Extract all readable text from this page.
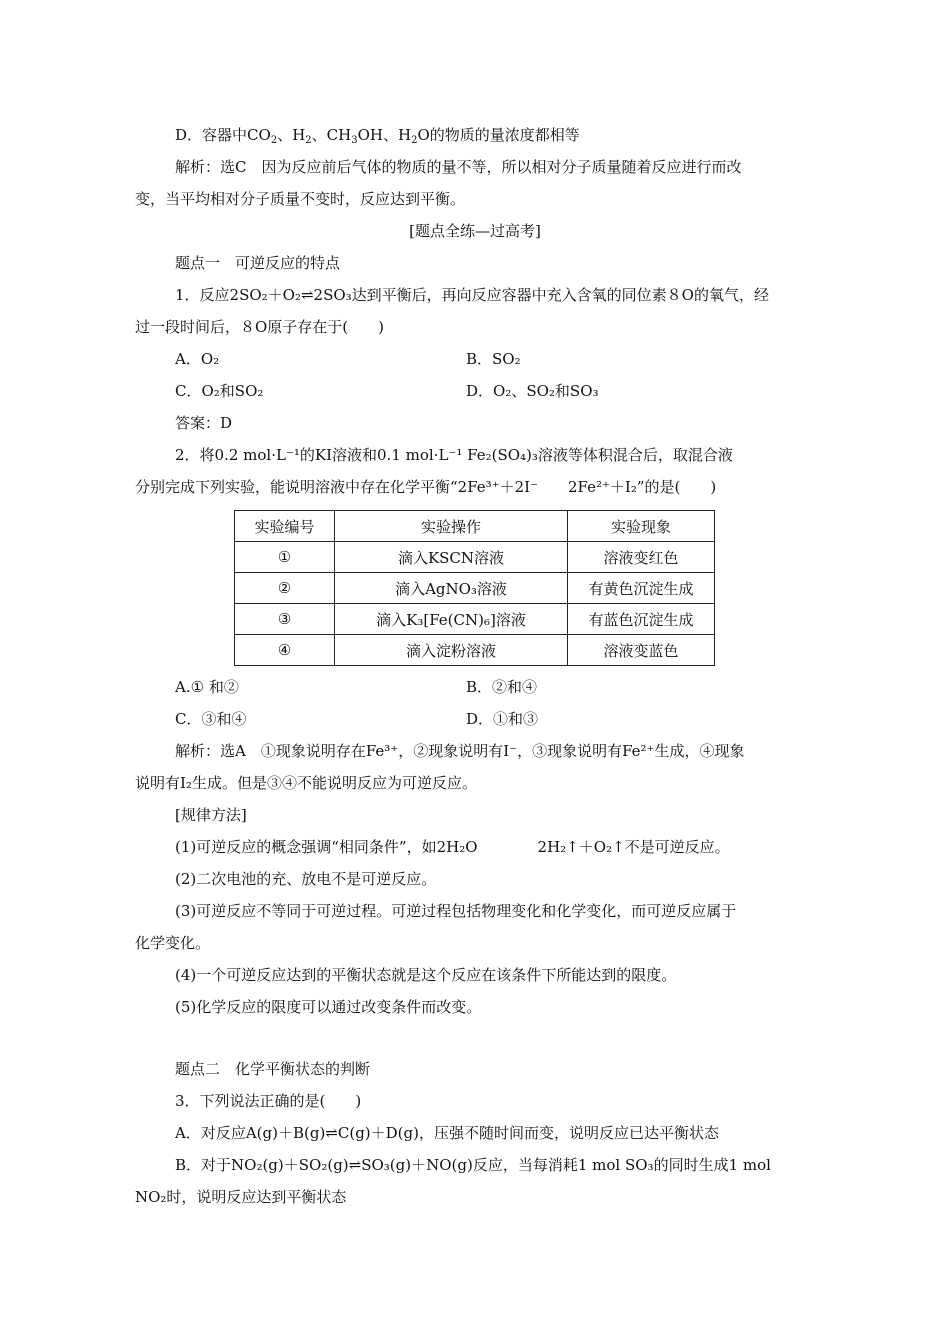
D．容器中$CO_2$、$H_2$、$CH_3OH$、$H_2O$的物质的量浓度都相等
解析：选C　因为反应前后气体的物质的量不等，所以相对分子质量随着反应进行而改
变，当平均相对分子质量不变时，反应达到平衡。
[题点全练—过高考]
题点一　可逆反应的特点
1．反应2SO₂＋O₂⇌2SO₃达到平衡后，再向反应容器中充入含氧的同位素８O的氧气，经
过一段时间后，８O原子存在于(　　)
A．O₂	B．SO₂
C．O₂和SO₂	D．O₂、SO₂和SO₃
答案：D
2．将0.2 mol·L⁻¹的KI溶液和0.1 mol·L⁻¹ Fe₂(SO₄)₃溶液等体积混合后，取混合液
分别完成下列实验，能说明溶液中存在化学平衡“2Fe³⁺＋2I⁻　　2Fe²⁺＋I₂”的是(　　)
实验编号	实验操作	实验现象
①	滴入KSCN溶液	溶液变红色
②	滴入AgNO₃溶液	有黄色沉淀生成
③	滴入K₃[Fe(CN)₆]溶液	有蓝色沉淀生成
④	滴入淀粉溶液	溶液变蓝色
A.① 和②	B．②和④
C．③和④	D．①和③
解析：选A　①现象说明存在Fe³⁺，②现象说明有I⁻，③现象说明有Fe²⁺生成，④现象
说明有I₂生成。但是③④不能说明反应为可逆反应。
[规律方法]
(1)可逆反应的概念强调“相同条件”，如2H₂O　　　　2H₂↑＋O₂↑不是可逆反应。
(2)二次电池的充、放电不是可逆反应。
(3)可逆反应不等同于可逆过程。可逆过程包括物理变化和化学变化，而可逆反应属于
化学变化。
(4)一个可逆反应达到的平衡状态就是这个反应在该条件下所能达到的限度。
(5)化学反应的限度可以通过改变条件而改变。
题点二　化学平衡状态的判断
3．下列说法正确的是(　　)
A．对反应A(g)＋B(g)⇌C(g)＋D(g)，压强不随时间而变，说明反应已达平衡状态
B．对于NO₂(g)＋SO₂(g)⇌SO₃(g)＋NO(g)反应，当每消耗1 mol SO₃的同时生成1 mol
NO₂时，说明反应达到平衡状态
